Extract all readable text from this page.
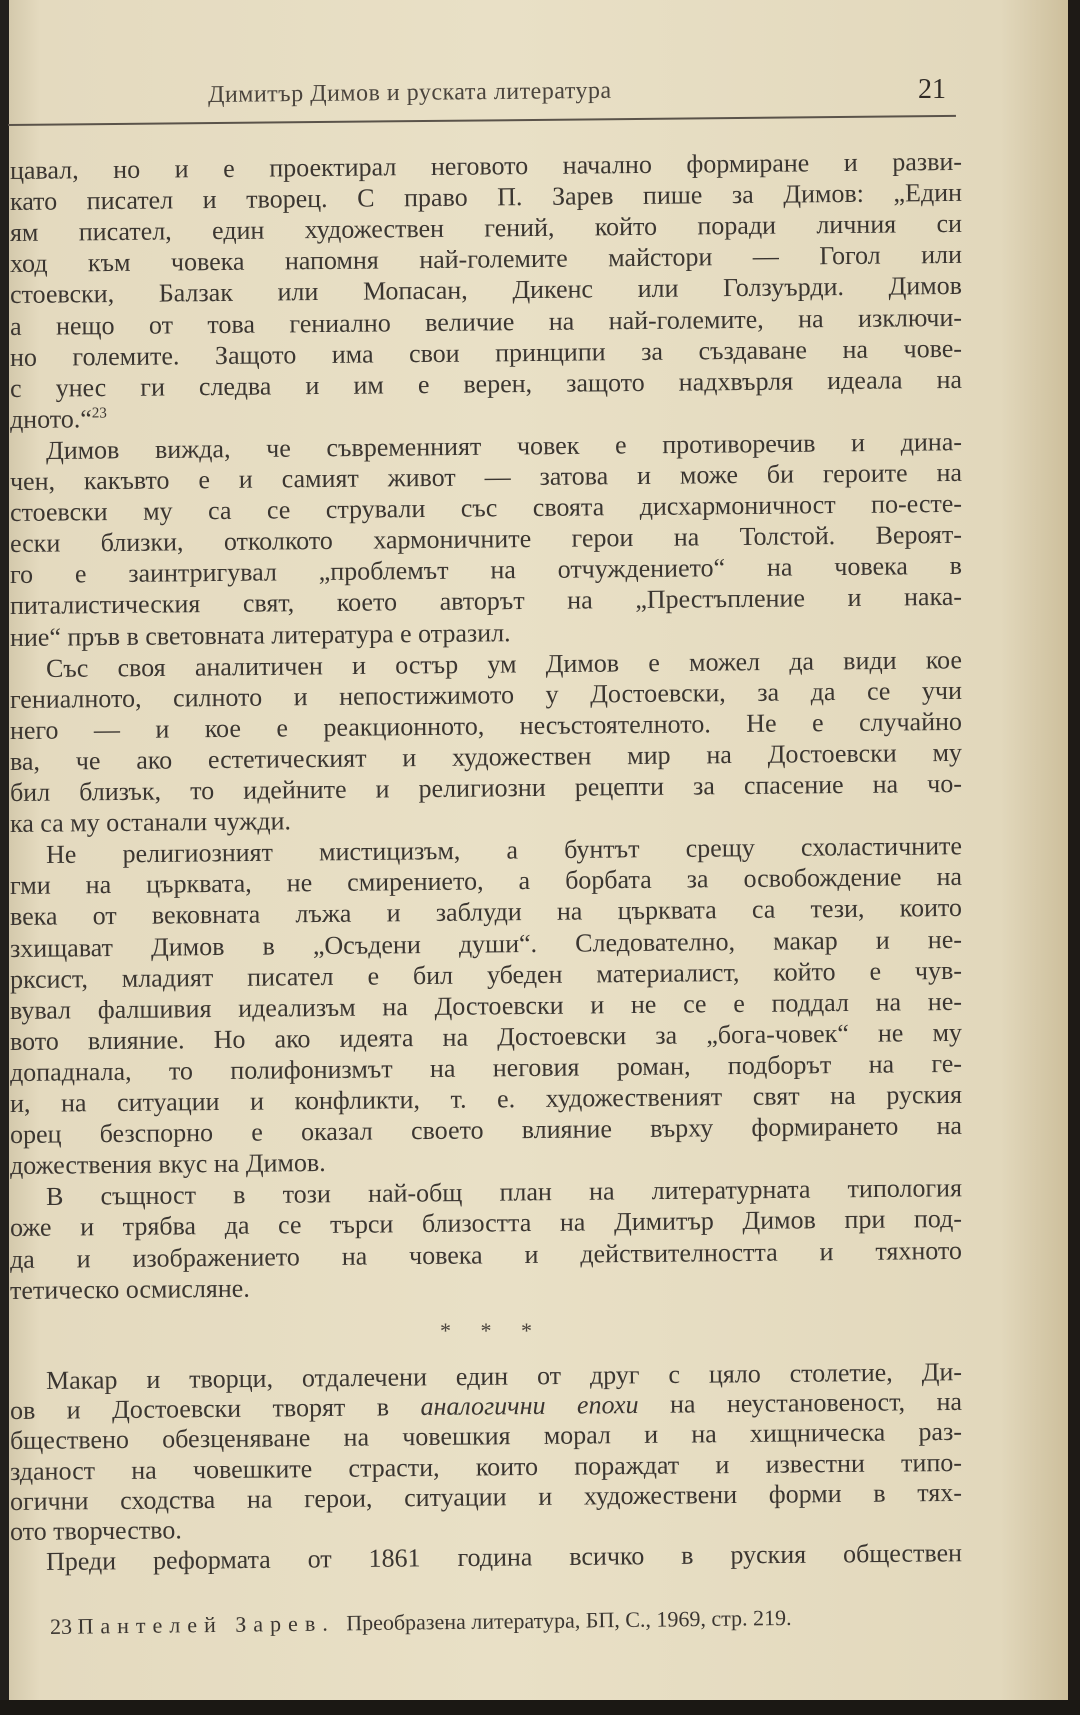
Димитър Димов и руската литература	21
цавал, но и е проектирал неговото начално формиране и разви-
като писател и творец. С право П. Зарев пише за Димов: „Един
ям писател, един художествен гений, който поради личния си
ход към човека напомня най-големите майстори — Гогол или
стоевски, Балзак или Мопасан, Дикенс или Голзуърди. Димов
а нещо от това гениално величие на най-големите, на изключи-
но големите. Защото има свои принципи за създаване на чове-
с унес ги следва и им е верен, защото надхвърля идеала на
дното.“$^{23}$
Димов вижда, че съвременният човек е противоречив и дина-
чен, какъвто е и самият живот — затова и може би героите на
стоевски му са се стрували със своята дисхармоничност по-есте-
ески близки, отколкото хармоничните герои на Толстой. Вероят-
го е заинтригувал „проблемът на отчуждението“ на човека в
питалистическия свят, което авторът на „Престъпление и нака-
ние“ пръв в световната литература е отразил.
Със своя аналитичен и остър ум Димов е можел да види кое
гениалното, силното и непостижимото у Достоевски, за да се учи
него — и кое е реакционното, несъстоятелното. Не е случайно
ва, че ако естетическият и художествен мир на Достоевски му
бил близък, то идейните и религиозни рецепти за спасение на чо-
ка са му останали чужди.
Не религиозният мистицизъм, а бунтът срещу схоластичните
гми на църквата, не смирението, а борбата за освобождение на
века от вековната лъжа и заблуди на църквата са тези, които
зхищават Димов в „Осъдени души“. Следователно, макар и не-
рксист, младият писател е бил убеден материалист, който е чув-
вувал фалшивия идеализъм на Достоевски и не се е поддал на не-
вото влияние. Но ако идеята на Достоевски за „бога-човек“ не му
допаднала, то полифонизмът на неговия роман, подборът на ге-
и, на ситуации и конфликти, т. е. художественият свят на руския
орец безспорно е оказал своето влияние върху формирането на
дожествения вкус на Димов.
В същност в този най-общ план на литературната типология
оже и трябва да се търси близостта на Димитър Димов при под-
да и изображението на човека и действителността и тяхното
тетическо осмисляне.
Макар и творци, отдалечени един от друг с цяло столетие, Ди-
ов и Достоевски творят в аналогични епохи на неустановеност, на
бществено обезценяване на човешкия морал и на хищническа раз-
зданост на човешките страсти, които пораждат и известни типо-
огични сходства на герои, ситуации и художествени форми в тях-
ото творчество.
Преди реформата от 1861 година всичко в руския обществен
* * *
23 Пантелей Зарев. Преобразена литература, БП, С., 1969, стр. 219.
